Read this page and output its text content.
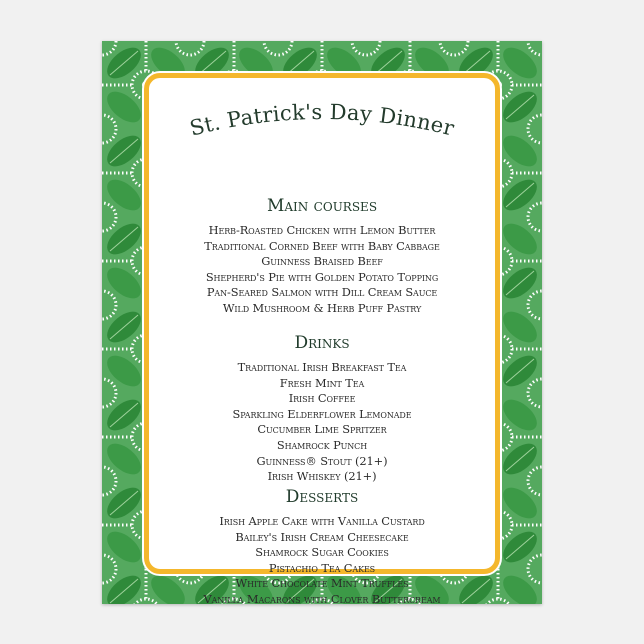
St. Patrick's Day Dinner
Main courses
Herb-Roasted Chicken with Lemon Butter
Traditional Corned Beef with Baby Cabbage
Guinness Braised Beef
Shepherd's Pie with Golden Potato Topping
Pan-Seared Salmon with Dill Cream Sauce
Wild Mushroom & Herb Puff Pastry
Drinks
Traditional Irish Breakfast Tea
Fresh Mint Tea
Irish Coffee
Sparkling Elderflower Lemonade
Cucumber Lime Spritzer
Shamrock Punch
Guinness® Stout (21+)
Irish Whiskey (21+)
Desserts
Irish Apple Cake with Vanilla Custard
Bailey's Irish Cream Cheesecake
Shamrock Sugar Cookies
Pistachio Tea Cakes
White Chocolate Mint Truffles
Vanilla Macarons with Clover Buttercream
